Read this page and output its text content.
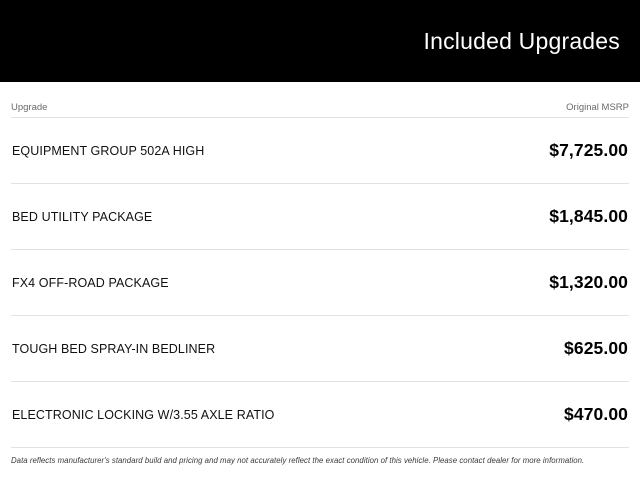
Included Upgrades
Upgrade	Original MSRP
EQUIPMENT GROUP 502A HIGH	$7,725.00
BED UTILITY PACKAGE	$1,845.00
FX4 OFF-ROAD PACKAGE	$1,320.00
TOUGH BED SPRAY-IN BEDLINER	$625.00
ELECTRONIC LOCKING W/3.55 AXLE RATIO	$470.00
Data reflects manufacturer's standard build and pricing and may not accurately reflect the exact condition of this vehicle. Please contact dealer for more information.
